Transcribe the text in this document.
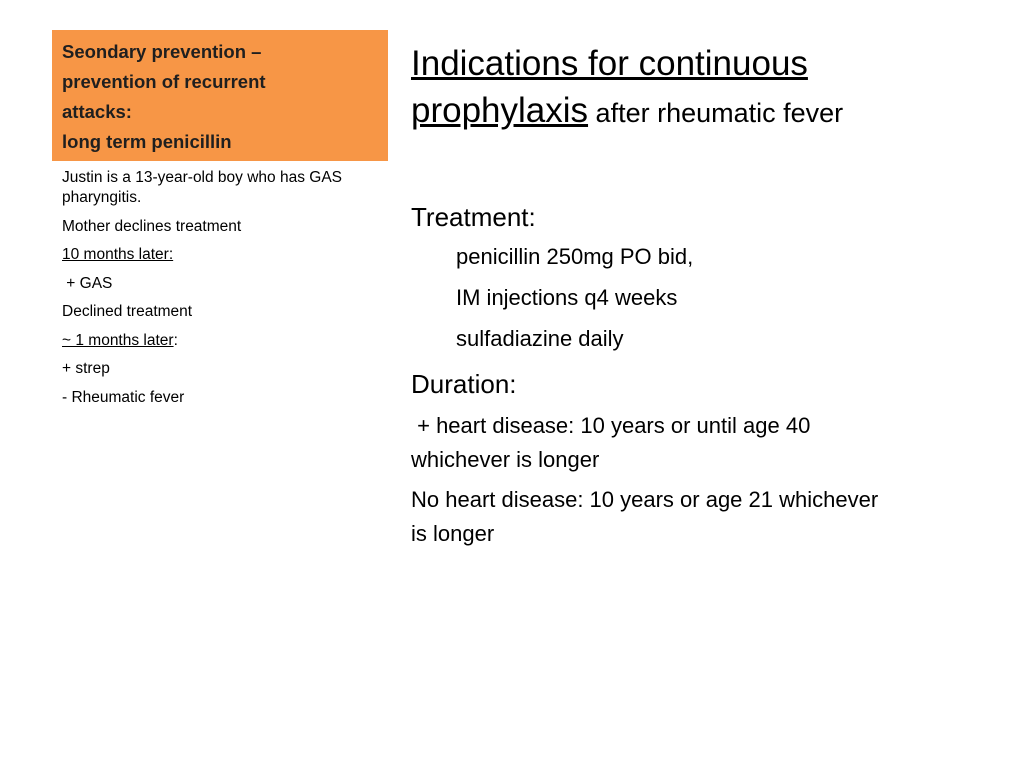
Seondary prevention –
prevention of recurrent
attacks:
long term penicillin
Justin is a 13-year-old boy who has GAS pharyngitis.
Mother declines treatment
10 months later:
+ GAS
Declined treatment
~ 1 months later:
+ strep
- Rheumatic fever
Indications for continuous prophylaxis after rheumatic fever
Treatment:
penicillin 250mg PO bid,
IM injections q4 weeks
sulfadiazine daily
Duration:
+ heart disease: 10 years or until age 40
whichever is longer
No heart disease: 10 years or age 21 whichever
is longer
